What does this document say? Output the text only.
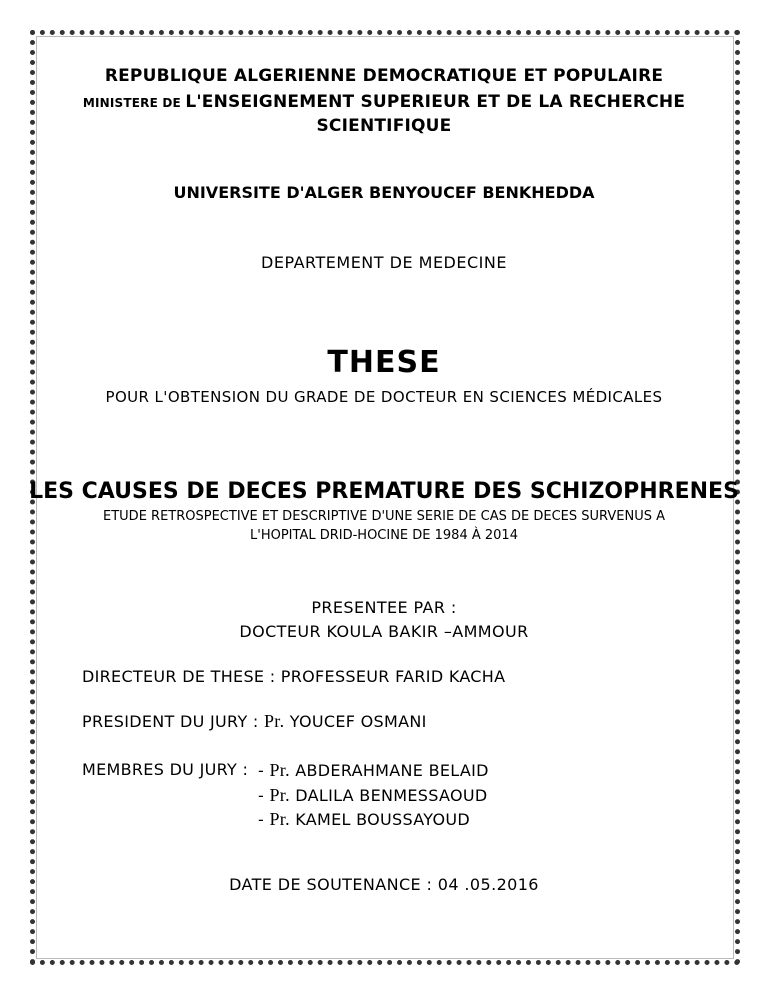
REPUBLIQUE ALGERIENNE DEMOCRATIQUE ET POPULAIRE
MINISTERE DE L'ENSEIGNEMENT SUPERIEUR ET DE LA RECHERCHE
SCIENTIFIQUE
UNIVERSITE D'ALGER BENYOUCEF BENKHEDDA
DEPARTEMENT DE MEDECINE
THESE
POUR L'OBTENSION DU GRADE DE DOCTEUR EN SCIENCES MÉDICALES
LES CAUSES DE DECES PREMATURE DES SCHIZOPHRENES
ETUDE RETROSPECTIVE ET DESCRIPTIVE D'UNE SERIE DE CAS DE DECES SURVENUS A
L'HOPITAL DRID-HOCINE DE 1984 À 2014
PRESENTEE PAR :
DOCTEUR KOULA BAKIR –AMMOUR
DIRECTEUR DE THESE : PROFESSEUR FARID KACHA
PRESIDENT DU JURY : Pr. YOUCEF OSMANI
MEMBRES DU JURY : - Pr. ABDERAHMANE BELAID
- Pr. DALILA BENMESSAOUD
- Pr. KAMEL BOUSSAYOUD
DATE DE SOUTENANCE : 04 .05.2016
